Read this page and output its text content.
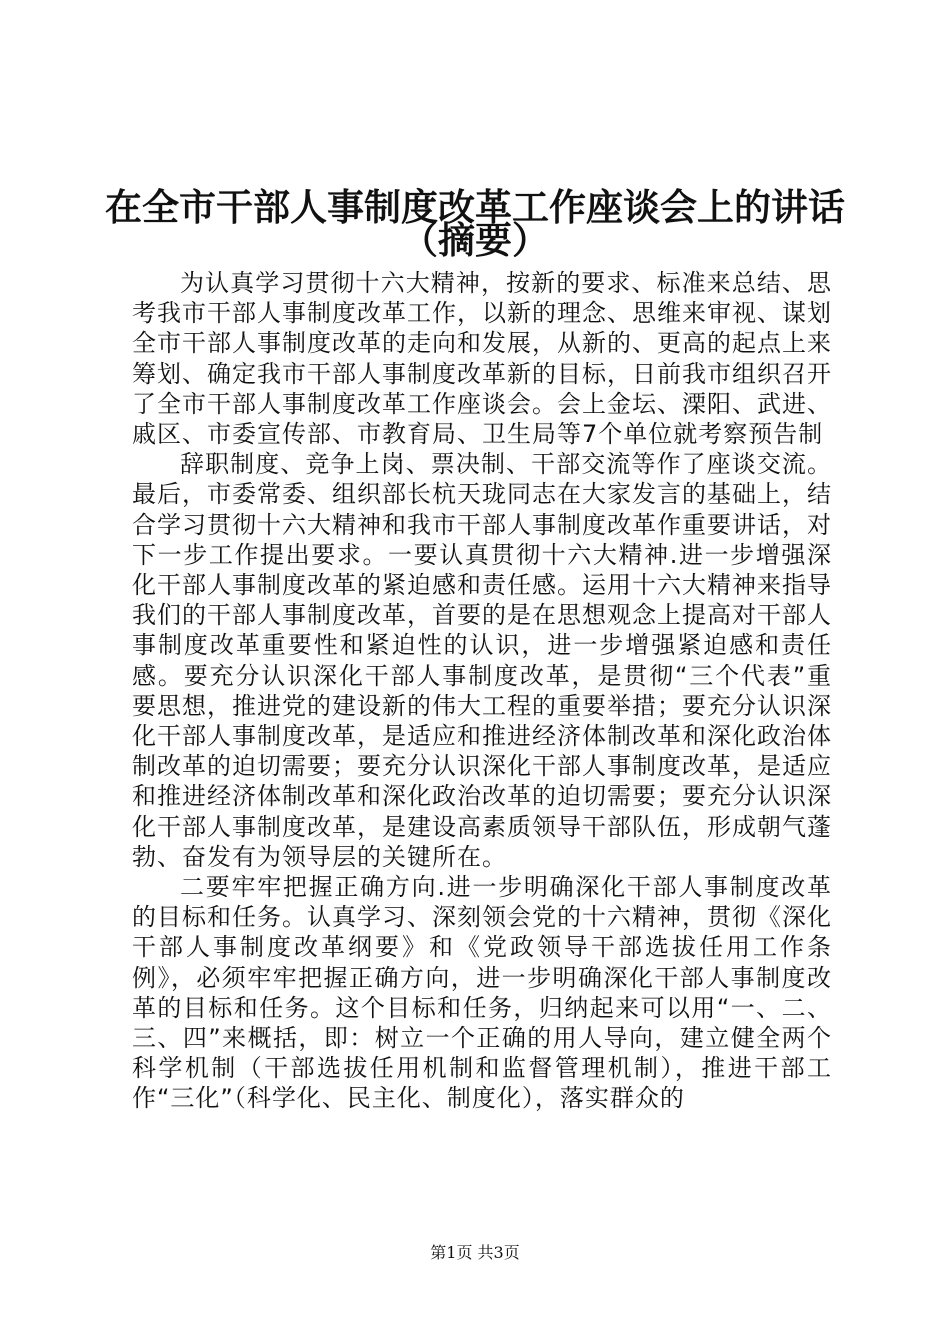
在全市干部人事制度改革工作座谈会上的讲话
（摘要）

为认真学习贯彻十六大精神，按新的要求、标准来总结、思考我市干部人事制度改革工作，以新的理念、思维来审视、谋划全市干部人事制度改革的走向和发展，从新的、更高的起点上来筹划、确定我市干部人事制度改革新的目标，日前我市组织召开了全市干部人事制度改革工作座谈会。会上金坛、溧阳、武进、戚区、市委宣传部、市教育局、卫生局等7个单位就考察预告制

辞职制度、竞争上岗、票决制、干部交流等作了座谈交流。最后，市委常委、组织部长杭天珑同志在大家发言的基础上，结合学习贯彻十六大精神和我市干部人事制度改革作重要讲话，对下一步工作提出要求。一要认真贯彻十六大精神.进一步增强深化干部人事制度改革的紧迫感和责任感。运用十六大精神来指导我们的干部人事制度改革，首要的是在思想观念上提高对干部人事制度改革重要性和紧迫性的认识，进一步增强紧迫感和责任感。要充分认识深化干部人事制度改革，是贯彻“三个代表”重要思想，推进党的建设新的伟大工程的重要举措；要充分认识深化干部人事制度改革，是适应和推进经济体制改革和深化政治体制改革的迫切需要；要充分认识深化干部人事制度改革，是适应和推进经济体制改革和深化政治改革的迫切需要；要充分认识深化干部人事制度改革，是建设高素质领导干部队伍，形成朝气蓬勃、奋发有为领导层的关键所在。

二要牢牢把握正确方向.进一步明确深化干部人事制度改革的目标和任务。认真学习、深刻领会党的十六精神，贯彻《深化干部人事制度改革纲要》和《党政领导干部选拔任用工作条例》，必须牢牢把握正确方向，进一步明确深化干部人事制度改革的目标和任务。这个目标和任务，归纳起来可以用“一、二、三、四”来概括，即：树立一个正确的用人导向，建立健全两个科学机制（干部选拔任用机制和监督管理机制），推进干部工作“三化”（科学化、民主化、制度化），落实群众的

第1页 共3页
